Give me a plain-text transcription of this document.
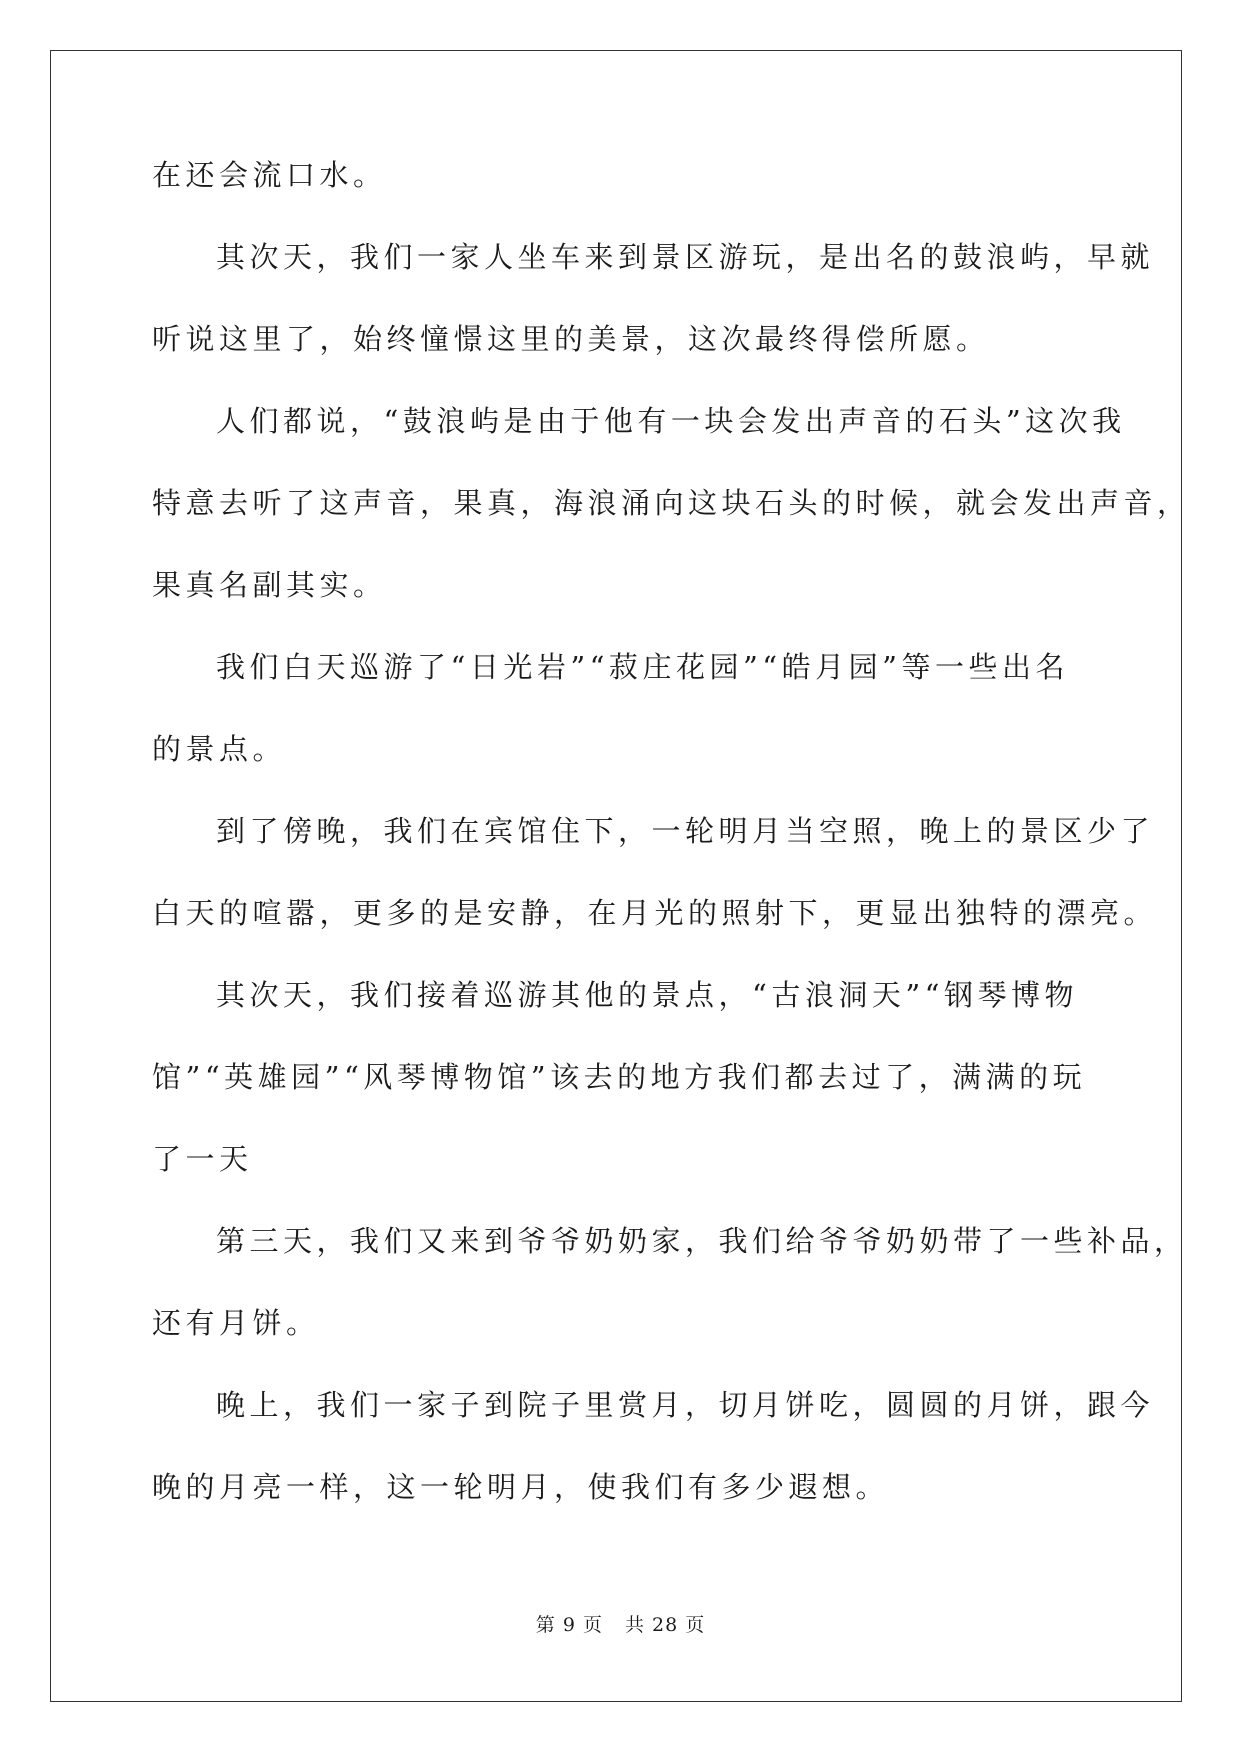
在还会流口水。
其次天，我们一家人坐车来到景区游玩，是出名的鼓浪屿，早就
听说这里了，始终憧憬这里的美景，这次最终得偿所愿。
人们都说，“鼓浪屿是由于他有一块会发出声音的石头”这次我
特意去听了这声音，果真，海浪涌向这块石头的时候，就会发出声音，
果真名副其实。
我们白天巡游了“日光岩”“菽庄花园”“皓月园”等一些出名
的景点。
到了傍晚，我们在宾馆住下，一轮明月当空照，晚上的景区少了
白天的喧嚣，更多的是安静，在月光的照射下，更显出独特的漂亮。
其次天，我们接着巡游其他的景点，“古浪洞天”“钢琴博物
馆”“英雄园”“风琴博物馆”该去的地方我们都去过了，满满的玩
了一天
第三天，我们又来到爷爷奶奶家，我们给爷爷奶奶带了一些补品，
还有月饼。
晚上，我们一家子到院子里赏月，切月饼吃，圆圆的月饼，跟今
晚的月亮一样，这一轮明月，使我们有多少遐想。
第 9 页 共 28 页
